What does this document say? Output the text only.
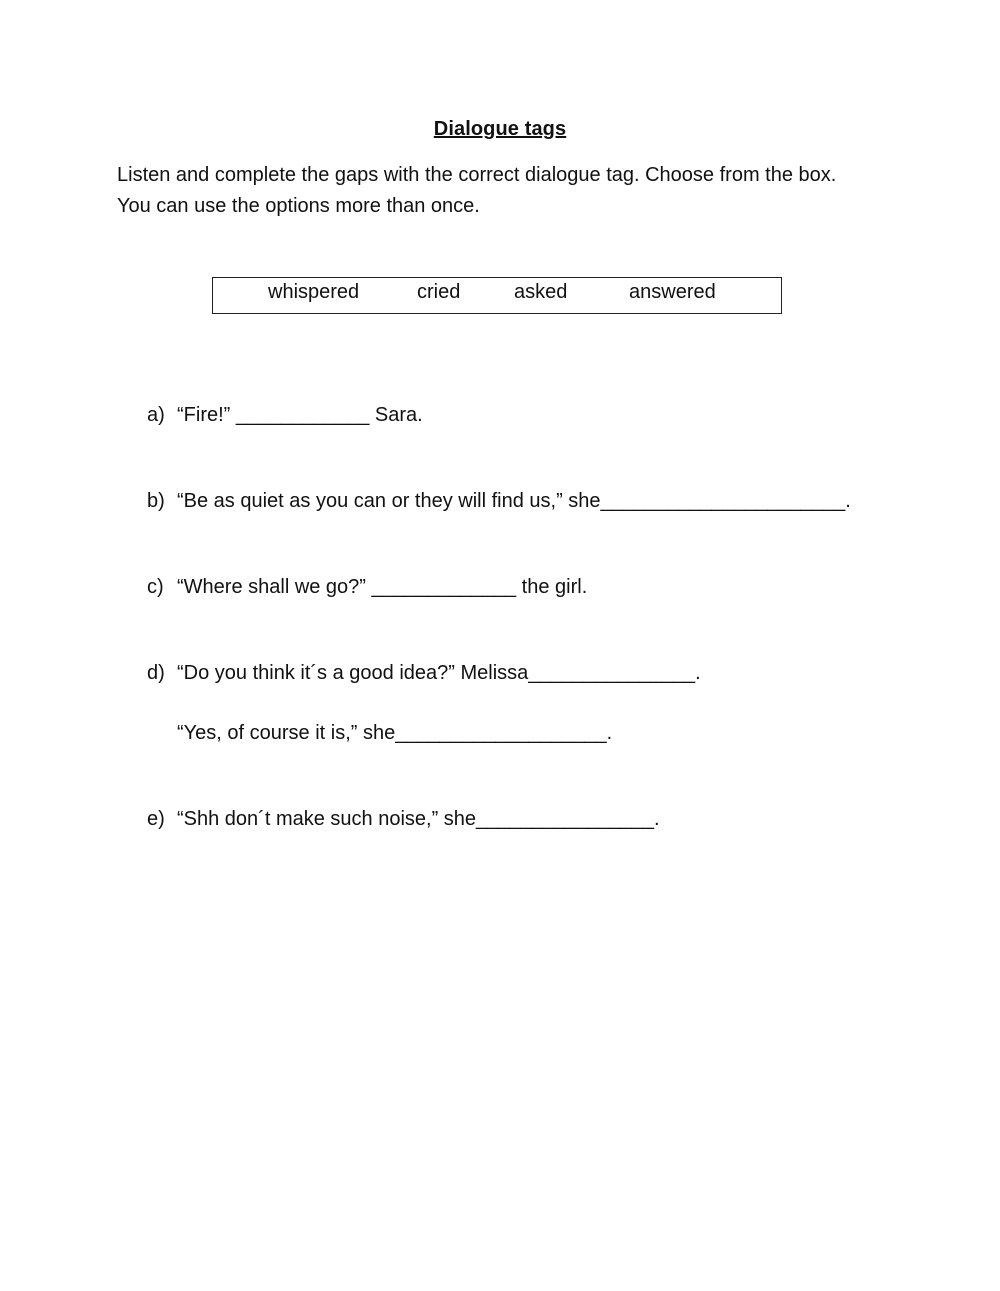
Dialogue tags

Listen and complete the gaps with the correct dialogue tag. Choose from the box.
You can use the options more than once.

whispered	cried	asked	answered
a) “Fire!” ____________ Sara.
b) “Be as quiet as you can or they will find us,” she______________________.
c) “Where shall we go?” _____________ the girl.
d) “Do you think it´s a good idea?” Melissa_______________.
“Yes, of course it is,” she___________________.
e) “Shh don´t make such noise,” she________________.
